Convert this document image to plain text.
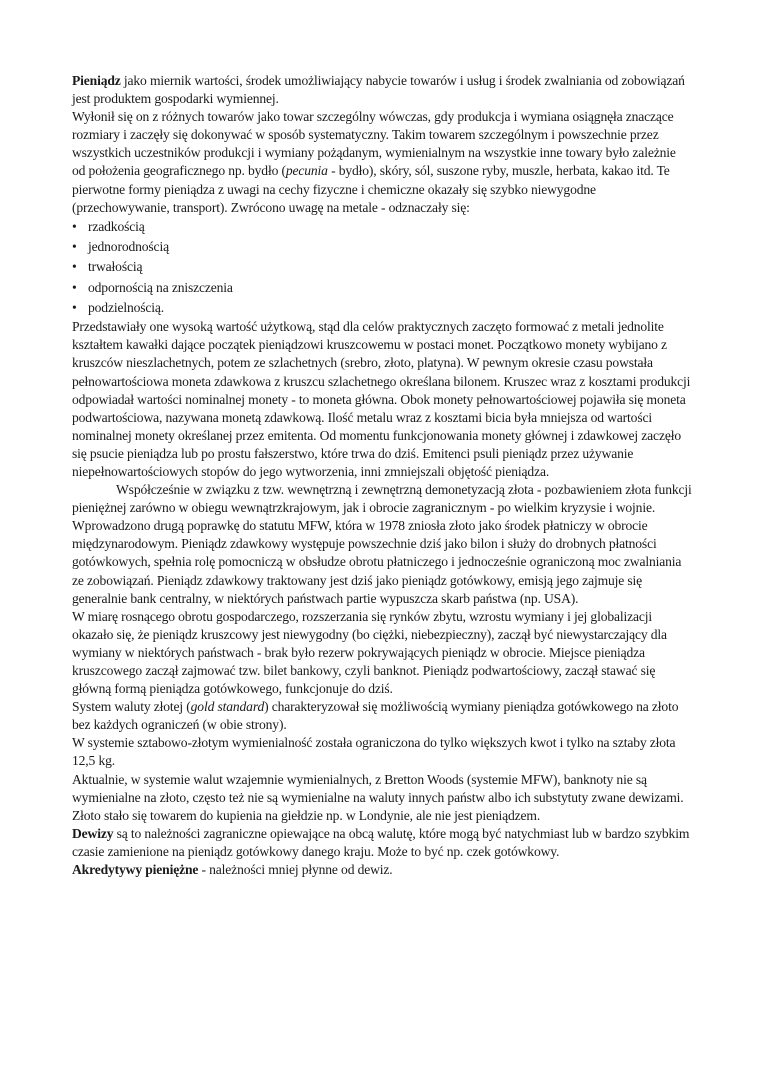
Pieniądz jako miernik wartości, środek umożliwiający nabycie towarów i usług i środek zwalniania od zobowiązań jest produktem gospodarki wymiennej.

Wyłonił się on z różnych towarów jako towar szczególny wówczas, gdy produkcja i wymiana osiągnęła znaczące rozmiary i zaczęły się dokonywać w sposób systematyczny. Takim towarem szczególnym i powszechnie przez wszystkich uczestników produkcji i wymiany pożądanym, wymienialnym na wszystkie inne towary było zależnie od położenia geograficznego np. bydło (pecunia - bydło), skóry, sól, suszone ryby, muszle, herbata, kakao itd. Te pierwotne formy pieniądza z uwagi na cechy fizyczne i chemiczne okazały się szybko niewygodne (przechowywanie, transport). Zwrócono uwagę na metale - odznaczały się:

• rzadkością
• jednorodnością
• trwałością
• odpornością na zniszczenia
• podzielnością.

Przedstawiały one wysoką wartość użytkową, stąd dla celów praktycznych zaczęto formować z metali jednolite kształtem kawałki dające początek pieniądzowi kruszcowemu w postaci monet. Początkowo monety wybijano z kruszców nieszlachetnych, potem ze szlachetnych (srebro, złoto, platyna). W pewnym okresie czasu powstała pełnowartościowa moneta zdawkowa z kruszcu szlachetnego określana bilonem. Kruszec wraz z kosztami produkcji odpowiadał wartości nominalnej monety - to moneta główna. Obok monety pełnowartościowej pojawiła się moneta podwartościowa, nazywana monetą zdawkową. Ilość metalu wraz z kosztami bicia była mniejsza od wartości nominalnej monety określanej przez emitenta. Od momentu funkcjonowania monety głównej i zdawkowej zaczęło się psucie pieniądza lub po prostu fałszerstwo, które trwa do dziś. Emitenci psuli pieniądz przez używanie niepełnowartościowych stopów do jego wytworzenia, inni zmniejszali objętość pieniądza.

Współcześnie w związku z tzw. wewnętrzną i zewnętrzną demonetyzacją złota - pozbawieniem złota funkcji pieniężnej zarówno w obiegu wewnątrzkrajowym, jak i obrocie zagranicznym - po wielkim kryzysie i wojnie. Wprowadzono drugą poprawkę do statutu MFW, która w 1978 zniosła złoto jako środek płatniczy w obrocie międzynarodowym. Pieniądz zdawkowy występuje powszechnie dziś jako bilon i służy do drobnych płatności gotówkowych, spełnia rolę pomocniczą w obsłudze obrotu płatniczego i jednocześnie ograniczoną moc zwalniania ze zobowiązań. Pieniądz zdawkowy traktowany jest dziś jako pieniądz gotówkowy, emisją jego zajmuje się generalnie bank centralny, w niektórych państwach partie wypuszcza skarb państwa (np. USA).

W miarę rosnącego obrotu gospodarczego, rozszerzania się rynków zbytu, wzrostu wymiany i jej globalizacji okazało się, że pieniądz kruszcowy jest niewygodny (bo ciężki, niebezpieczny), zaczął być niewystarczający dla wymiany w niektórych państwach - brak było rezerw pokrywających pieniądz w obrocie. Miejsce pieniądza kruszcowego zaczął zajmować tzw. bilet bankowy, czyli banknot. Pieniądz podwartościowy, zaczął stawać się główną formą pieniądza gotówkowego, funkcjonuje do dziś.

System waluty złotej (gold standard) charakteryzował się możliwością wymiany pieniądza gotówkowego na złoto bez każdych ograniczeń (w obie strony).

W systemie sztabowo-złotym wymienialność została ograniczona do tylko większych kwot i tylko na sztaby złota 12,5 kg.

Aktualnie, w systemie walut wzajemnie wymienialnych, z Bretton Woods (systemie MFW), banknoty nie są wymienialne na złoto, często też nie są wymienialne na waluty innych państw albo ich substytuty zwane dewizami. Złoto stało się towarem do kupienia na giełdzie np. w Londynie, ale nie jest pieniądzem.

Dewizy są to należności zagraniczne opiewające na obcą walutę, które mogą być natychmiast lub w bardzo szybkim czasie zamienione na pieniądz gotówkowy danego kraju. Może to być np. czek gotówkowy.

Akredytywy pieniężne - należności mniej płynne od dewiz.
